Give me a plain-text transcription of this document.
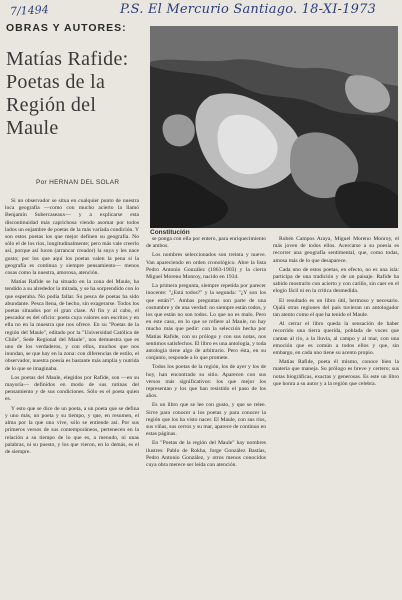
7/1494	P.S. El Mercurio Santiago. 18-XI-1973
OBRAS Y AUTORES:
Matías Rafide:
Poetas de la
Región del
Maule
Por HERNAN DEL SOLAR
Constitución

Si un observador se situa en cualquier punto de nuestra loca geografía —como con mucho acierto la llamó Benjamín Subercaseaux— y a explicarse esta discontinuidad más caprichosa viendo asomar por todos lados un enjambre de poetas de la más variada condición. Y son estos poetas los que mejor definen su geografía. No sólo el de los ríos, longitudinalmente; pero más vale creerlo así, porque así lucen (arrancar creador) la suya y les nace gusto; por los que aquí los poetas valen la pena si la geografía es continua y siempre pensamiento— menos cosas como la nuestra, amorosa, atención.

Matías Rafide se ha situado en la zona del Maule, ha tendido a su alrededor la mirada, y se ha sorprendido con lo que esperaba. No podía fallar. Su pesca de poetas ha sido abundante. Pesca llena, de hecho, sin exagerarse. Todos los poetas situados por el gran clase. Al fin y al cabo, el pescador es del oficio: poeta cuya valores son escritos y en ella no en la muestra que nos ofrece. En su "Poetas de la región del Maule", editado por la "Universidad Católica de Chile", Sede Regional del Maule", nos demuestra que es uno de los verdaderos, y con ellos, muchos que nos inundan, se que hay en la zona: con diferencias de estilo, el observador, nuestra poesía es bastante más amplia y nutrida de lo que se imaginaba.

Los poetas del Maule, elegidos por Rafide, son —en su mayoría— definidos en modo de sus rutinas del pensamiento y de sus condiciones. Sólo es el poeta quien es.

Y esto que se dice de un poeta, a un poeta que se defina y uno más, un poeta y su tiempo, y que, en resumen, el alma por la que uno vive, sólo se entiende así. Por sus primeros versos de sus contemporáneos, pertenecen en la relación a su tiempo de lo que es, a menudo, ni unas palabras, ni su puesto, y los que vieron, en lo demás, es el de siempre.

se ponga con ella por entero, para enriquecimiento de ambos.

Los nombres seleccionados son treinta y nueve. Van apareciendo en orden cronológico. Abre la lista Pedro Antonio González (1863-1903) y la cierra Miguel Moreno Monroy, nacido en 1934.

La primera pregunta, siempre repetida por parecer inocente: "¿Está todos?" y la segunda: "¿Y son los que están?". Ambas preguntas son parte de una costumbre y de una verdad: no siempre están todos, y los que están no son todos. Lo que no es malo. Pero en este caso, en lo que se refiere al Maule, no hay mucho más que pedir: con la selección hecha por Matías Rafide, con su prólogo y con sus notas, nos sentimos satisfechos. El libro es una antología, y toda antología tiene algo de arbitrario. Pero ésta, en su conjunto, responde a lo que promete.

Todos los poetas de la región, los de ayer y los de hoy, han encontrado su sitio. Aparecen con sus versos más significativos: los que mejor los representan y los que han resistido el paso de los años.

Es un libro que se lee con gusto, y que se relee. Sirve para conocer a los poetas y para conocer la región que los ha visto nacer. El Maule, con sus ríos, sus viñas, sus cerros y su mar, aparece de continuo en estas páginas.

En "Poetas de la región del Maule" hay nombres ilustres: Pablo de Rokha, Jorge González Bastías, Pedro Antonio González, y otros menos conocidos cuya obra merece ser leída con atención.

Rubén Campos Araya, Miguel Moreno Monroy, el más joven de todos ellos. Acercarse a su poesía es recorrer una geografía sentimental, que, como todas, amosa más de lo que desaparece.

Cada uno de estos poetas, en efecto, no es una isla: participa de una tradición y de un paisaje. Rafide ha sabido mostrarlo con acierto y con cariño, sin caer en el elogio fácil ni en la crítica desmedida.

El resultado es un libro útil, hermoso y necesario. Ojalá otras regiones del país tuvieran un antologador tan atento como el que ha tenido el Maule.

Al cerrar el libro queda la sensación de haber recorrido una tierra querida, poblada de voces que cantan al río, a la lluvia, al campo y al mar, con una emoción que es común a todos ellos y que, sin embargo, en cada uno tiene su acento propio.

Matías Rafide, poeta él mismo, conoce bien la materia que maneja. Su prólogo es breve y certero; sus notas biográficas, exactas y generosas. Es este un libro que honra a su autor y a la región que celebra.
